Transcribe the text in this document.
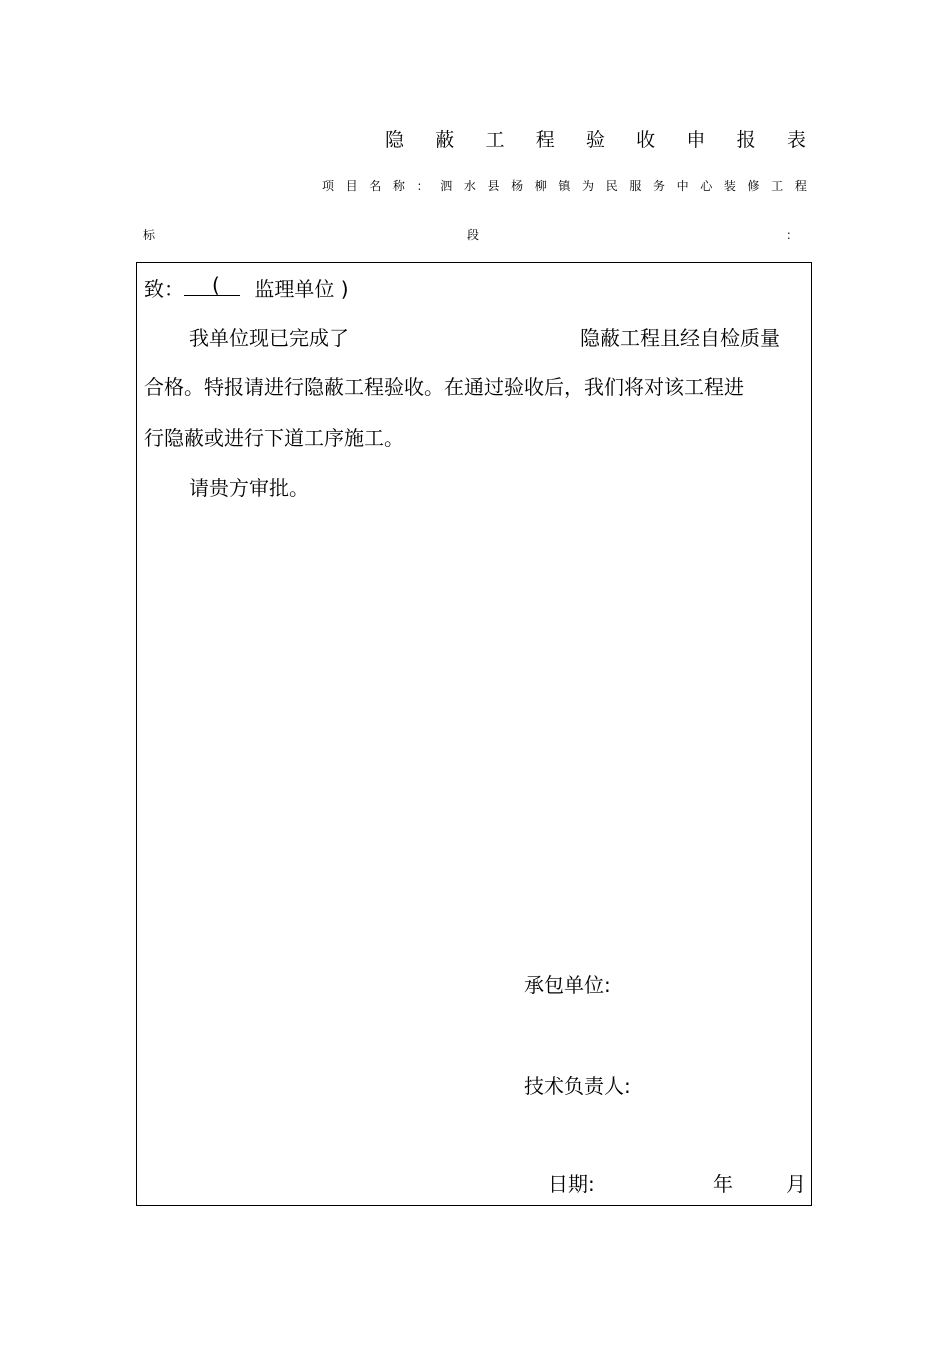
隐 蔽 工 程 验 收 申 报 表
项 目 名 称 ： 泗 水 县 杨 柳 镇 为 民 服 务 中 心 装 修 工 程
标	段	：
致： ( 监理单位 )
我单位现已完成了	隐蔽工程且经自检质量
合格。特报请进行隐蔽工程验收。在通过验收后，我们将对该工程进
行隐蔽或进行下道工序施工。
请贵方审批。
承包单位:
技术负责人:
日期:	年	月
